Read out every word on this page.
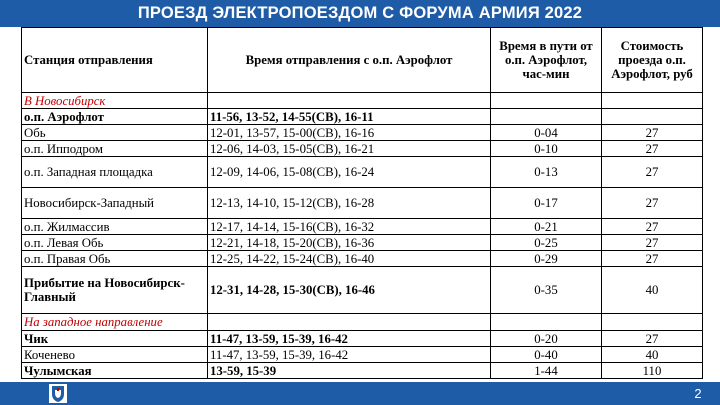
ПРОЕЗД ЭЛЕКТРОПОЕЗДОМ С ФОРУМА АРМИЯ 2022
Станция отправления	Время отправления с о.п. Аэрофлот	Время в пути от о.п. Аэрофлот, час-мин	Стоимость проезда о.п. Аэрофлот, руб
В Новосибирск			
о.п. Аэрофлот	11-56, 13-52, 14-55(СВ), 16-11		
Обь	12-01, 13-57, 15-00(СВ), 16-16	0-04	27
о.п. Ипподром	12-06, 14-03, 15-05(СВ), 16-21	0-10	27
о.п. Западная площадка	12-09, 14-06, 15-08(СВ), 16-24	0-13	27
Новосибирск-Западный	12-13, 14-10, 15-12(СВ), 16-28	0-17	27
о.п. Жилмассив	12-17, 14-14, 15-16(СВ), 16-32	0-21	27
о.п. Левая Обь	12-21, 14-18, 15-20(СВ), 16-36	0-25	27
о.п. Правая Обь	12-25, 14-22, 15-24(СВ), 16-40	0-29	27
Прибытие на Новосибирск-Главный	12-31, 14-28, 15-30(СВ), 16-46	0-35	40
На западное направление			
Чик	11-47, 13-59, 15-39, 16-42	0-20	27
Коченево	11-47, 13-59, 15-39, 16-42	0-40	40
Чулымская	13-59, 15-39	1-44	110
2
